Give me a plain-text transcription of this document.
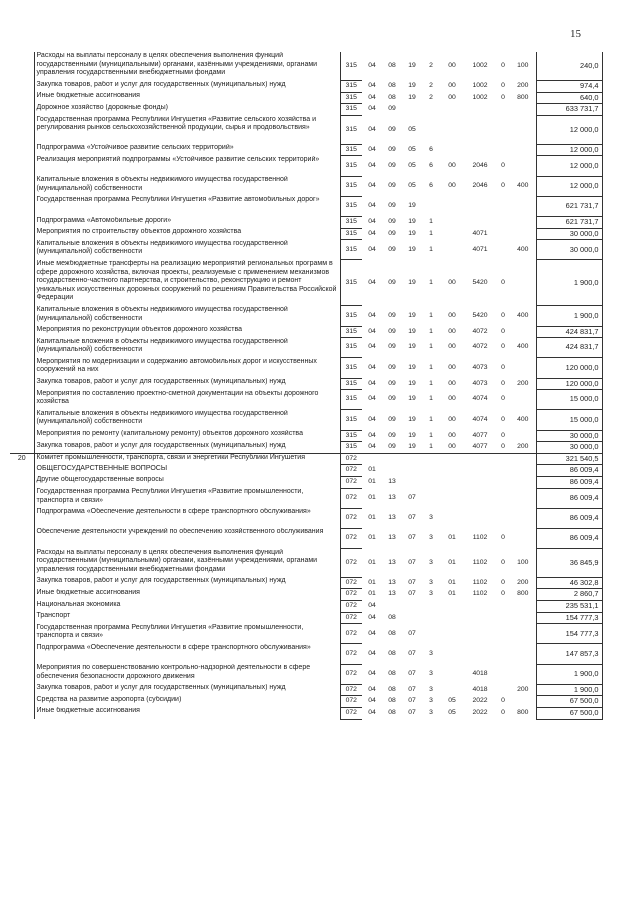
15
	Расходы на выплаты персоналу в целях обеспечения выполнения функций государственными (муниципальными) органами, казёнными учреждениями, органами управления государственными внебюджетными фондами	315	04	08	19	2	00	1002	0	100	240,0
	Закупка товаров, работ и услуг для государственных (муниципальных) нужд	315	04	08	19	2	00	1002	0	200	974,4
	Иные бюджетные ассигнования	315	04	08	19	2	00	1002	0	800	640,0
	Дорожное хозяйство (дорожные фонды)	315	04	09							633 731,7
	Государственная программа Республики Ингушетия «Развитие сельского хозяйства и регулирования рынков сельскохозяйственной продукции, сырья и продовольствия»	315	04	09	05						12 000,0
	Подпрограмма «Устойчивое развитие сельских территорий»	315	04	09	05	6					12 000,0
	Реализация мероприятий подпрограммы «Устойчивое развитие сельских территорий»	315	04	09	05	6	00	2046	0		12 000,0
	Капитальные вложения в объекты недвижимого имущества государственной (муниципальной) собственности	315	04	09	05	6	00	2046	0	400	12 000,0
	Государственная программа Республики Ингушетия «Развитие автомобильных дорог»	315	04	09	19						621 731,7
	Подпрограмма «Автомобильные дороги»	315	04	09	19	1					621 731,7
	Мероприятия по строительству объектов дорожного хозяйства	315	04	09	19	1		4071			30 000,0
	Капитальные вложения в объекты недвижимого имущества государственной (муниципальной) собственности	315	04	09	19	1		4071		400	30 000,0
	Иные межбюджетные трансферты на реализацию мероприятий региональных программ в сфере дорожного хозяйства, включая проекты, реализуемые с применением механизмов государственно-частного партнерства, и строительство, реконструкцию и ремонт уникальных искусственных дорожных сооружений по решениям Правительства Российской Федерации	315	04	09	19	1	00	5420	0		1 900,0
	Капитальные вложения в объекты недвижимого имущества государственной (муниципальной) собственности	315	04	09	19	1	00	5420	0	400	1 900,0
	Мероприятия по реконструкции объектов дорожного хозяйства	315	04	09	19	1	00	4072	0		424 831,7
	Капитальные вложения в объекты недвижимого имущества государственной (муниципальной) собственности	315	04	09	19	1	00	4072	0	400	424 831,7
	Мероприятия по модернизации и содержанию автомобильных дорог и искусственных сооружений на них	315	04	09	19	1	00	4073	0		120 000,0
	Закупка товаров, работ и услуг для государственных (муниципальных) нужд	315	04	09	19	1	00	4073	0	200	120 000,0
	Мероприятия по составлению проектно-сметной документации на объекты дорожного хозяйства	315	04	09	19	1	00	4074	0		15 000,0
	Капитальные вложения в объекты недвижимого имущества государственной (муниципальной) собственности	315	04	09	19	1	00	4074	0	400	15 000,0
	Мероприятия по ремонту (капитальному ремонту) объектов дорожного хозяйства	315	04	09	19	1	00	4077	0		30 000,0
	Закупка товаров, работ и услуг для государственных (муниципальных) нужд	315	04	09	19	1	00	4077	0	200	30 000,0
20	Комитет промышленности, транспорта, связи и энергетики Республики Ингушетия	072									321 540,5
	ОБЩЕГОСУДАРСТВЕННЫЕ ВОПРОСЫ	072	01								86 009,4
	Другие общегосударственные вопросы	072	01	13							86 009,4
	Государственная программа Республики Ингушетия «Развитие промышленности, транспорта и связи»	072	01	13	07						86 009,4
	Подпрограмма «Обеспечение деятельности в сфере транспортного обслуживания»	072	01	13	07	3					86 009,4
	Обеспечение деятельности учреждений по обеспечению хозяйственного обслуживания	072	01	13	07	3	01	1102	0		86 009,4
	Расходы на выплаты персоналу в целях обеспечения выполнения функций государственными (муниципальными) органами, казёнными учреждениями, органами управления государственными внебюджетными фондами	072	01	13	07	3	01	1102	0	100	36 845,9
	Закупка товаров, работ и услуг для государственных (муниципальных) нужд	072	01	13	07	3	01	1102	0	200	46 302,8
	Иные бюджетные ассигнования	072	01	13	07	3	01	1102	0	800	2 860,7
	Национальная экономика	072	04								235 531,1
	Транспорт	072	04	08							154 777,3
	Государственная программа Республики Ингушетия «Развитие промышленности, транспорта и связи»	072	04	08	07						154 777,3
	Подпрограмма «Обеспечение деятельности в сфере транспортного обслуживания»	072	04	08	07	3					147 857,3
	Мероприятия по совершенствованию контрольно-надзорной деятельности в сфере обеспечения безопасности дорожного движения	072	04	08	07	3		4018			1 900,0
	Закупка товаров, работ и услуг для государственных (муниципальных) нужд	072	04	08	07	3		4018		200	1 900,0
	Средства на развитие аэропорта (субсидии)	072	04	08	07	3	05	2022	0		67 500,0
	Иные бюджетные ассигнования	072	04	08	07	3	05	2022	0	800	67 500,0
